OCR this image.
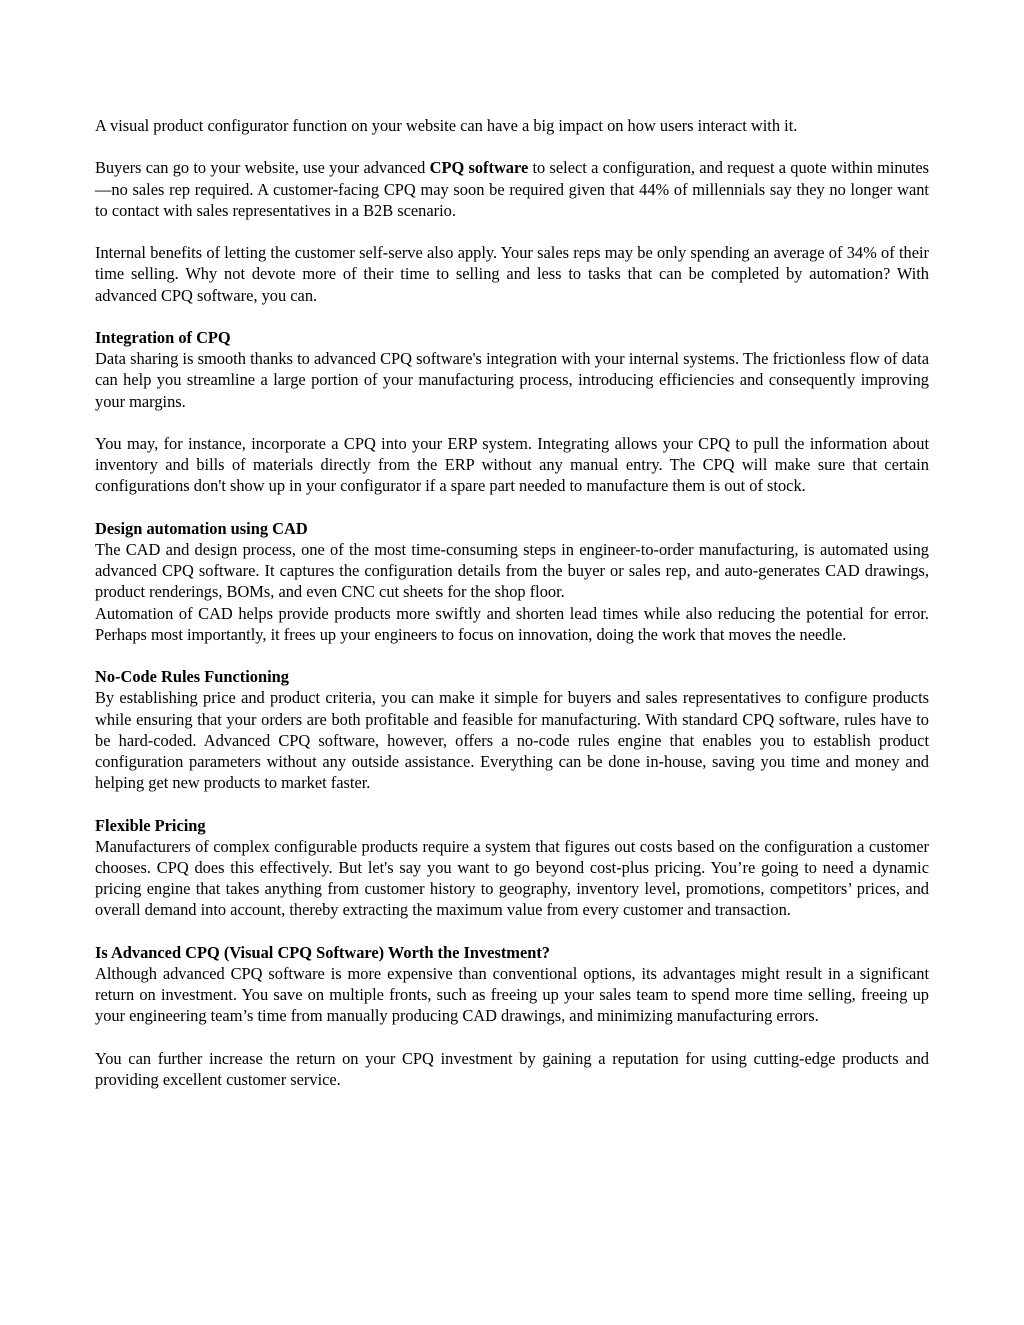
A visual product configurator function on your website can have a big impact on how users interact with it.

Buyers can go to your website, use your advanced CPQ software to select a configuration, and request a quote within minutes—no sales rep required. A customer-facing CPQ may soon be required given that 44% of millennials say they no longer want to contact with sales representatives in a B2B scenario.

Internal benefits of letting the customer self-serve also apply. Your sales reps may be only spending an average of 34% of their time selling. Why not devote more of their time to selling and less to tasks that can be completed by automation? With advanced CPQ software, you can.

Integration of CPQ
Data sharing is smooth thanks to advanced CPQ software's integration with your internal systems. The frictionless flow of data can help you streamline a large portion of your manufacturing process, introducing efficiencies and consequently improving your margins.

You may, for instance, incorporate a CPQ into your ERP system. Integrating allows your CPQ to pull the information about inventory and bills of materials directly from the ERP without any manual entry. The CPQ will make sure that certain configurations don't show up in your configurator if a spare part needed to manufacture them is out of stock.

Design automation using CAD
The CAD and design process, one of the most time-consuming steps in engineer-to-order manufacturing, is automated using advanced CPQ software. It captures the configuration details from the buyer or sales rep, and auto-generates CAD drawings, product renderings, BOMs, and even CNC cut sheets for the shop floor.

Automation of CAD helps provide products more swiftly and shorten lead times while also reducing the potential for error. Perhaps most importantly, it frees up your engineers to focus on innovation, doing the work that moves the needle.

No-Code Rules Functioning
By establishing price and product criteria, you can make it simple for buyers and sales representatives to configure products while ensuring that your orders are both profitable and feasible for manufacturing. With standard CPQ software, rules have to be hard-coded. Advanced CPQ software, however, offers a no-code rules engine that enables you to establish product configuration parameters without any outside assistance. Everything can be done in-house, saving you time and money and helping get new products to market faster.

Flexible Pricing
Manufacturers of complex configurable products require a system that figures out costs based on the configuration a customer chooses. CPQ does this effectively. But let's say you want to go beyond cost-plus pricing. You’re going to need a dynamic pricing engine that takes anything from customer history to geography, inventory level, promotions, competitors’ prices, and overall demand into account, thereby extracting the maximum value from every customer and transaction.

Is Advanced CPQ (Visual CPQ Software) Worth the Investment?
Although advanced CPQ software is more expensive than conventional options, its advantages might result in a significant return on investment. You save on multiple fronts, such as freeing up your sales team to spend more time selling, freeing up your engineering team’s time from manually producing CAD drawings, and minimizing manufacturing errors.

You can further increase the return on your CPQ investment by gaining a reputation for using cutting-edge products and providing excellent customer service.
